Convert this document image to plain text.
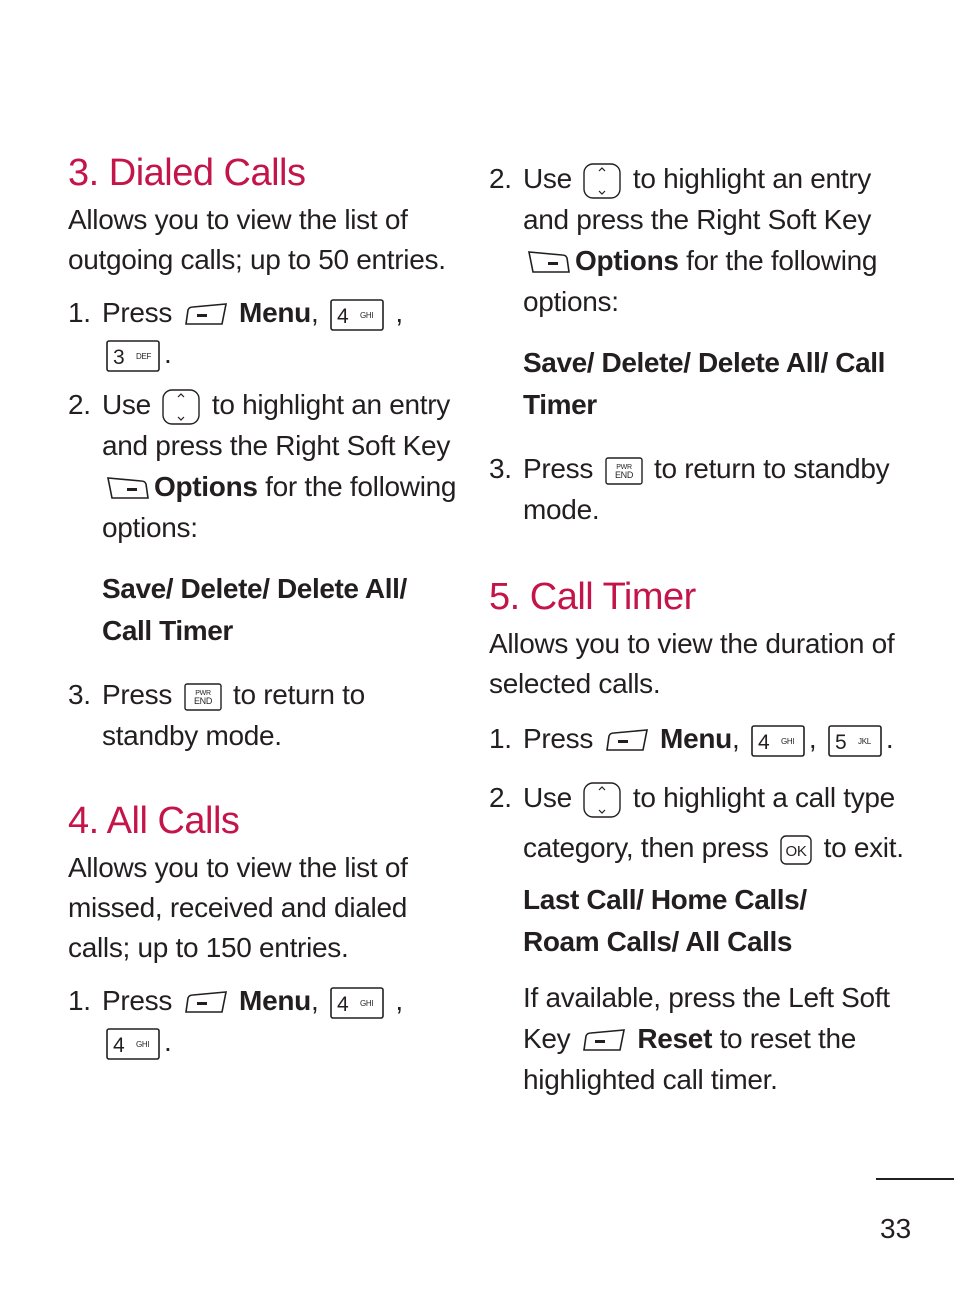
3. Dialed Calls

Allows you to view the list of outgoing calls; up to 50 entries.

1. Press Menu, 4 GHI ,
3 DEF .
2. Use to highlight an entry and press the Right Soft Key
Options for the following options:
Save/ Delete/ Delete All/ Call Timer
3. Press	PWR
END to return to standby mode.
4. All Calls

Allows you to view the list of missed, received and dialed calls; up to 150 entries.

1. Press Menu, 4 GHI ,
4 GHI .
2. Use to highlight an entry and press the Right Soft Key
Options for the following options:
Save/ Delete/ Delete All/ Call Timer
3. Press	PWR
END to return to standby mode.
5. Call Timer

Allows you to view the duration of selected calls.

1. Press Menu, 4 GHI , 5 JKL .
2. Use to highlight a call type category, then press OK to exit.
Last Call/ Home Calls/ Roam Calls/ All Calls
If available, press the Left Soft Key Reset to reset the highlighted call timer.
33
